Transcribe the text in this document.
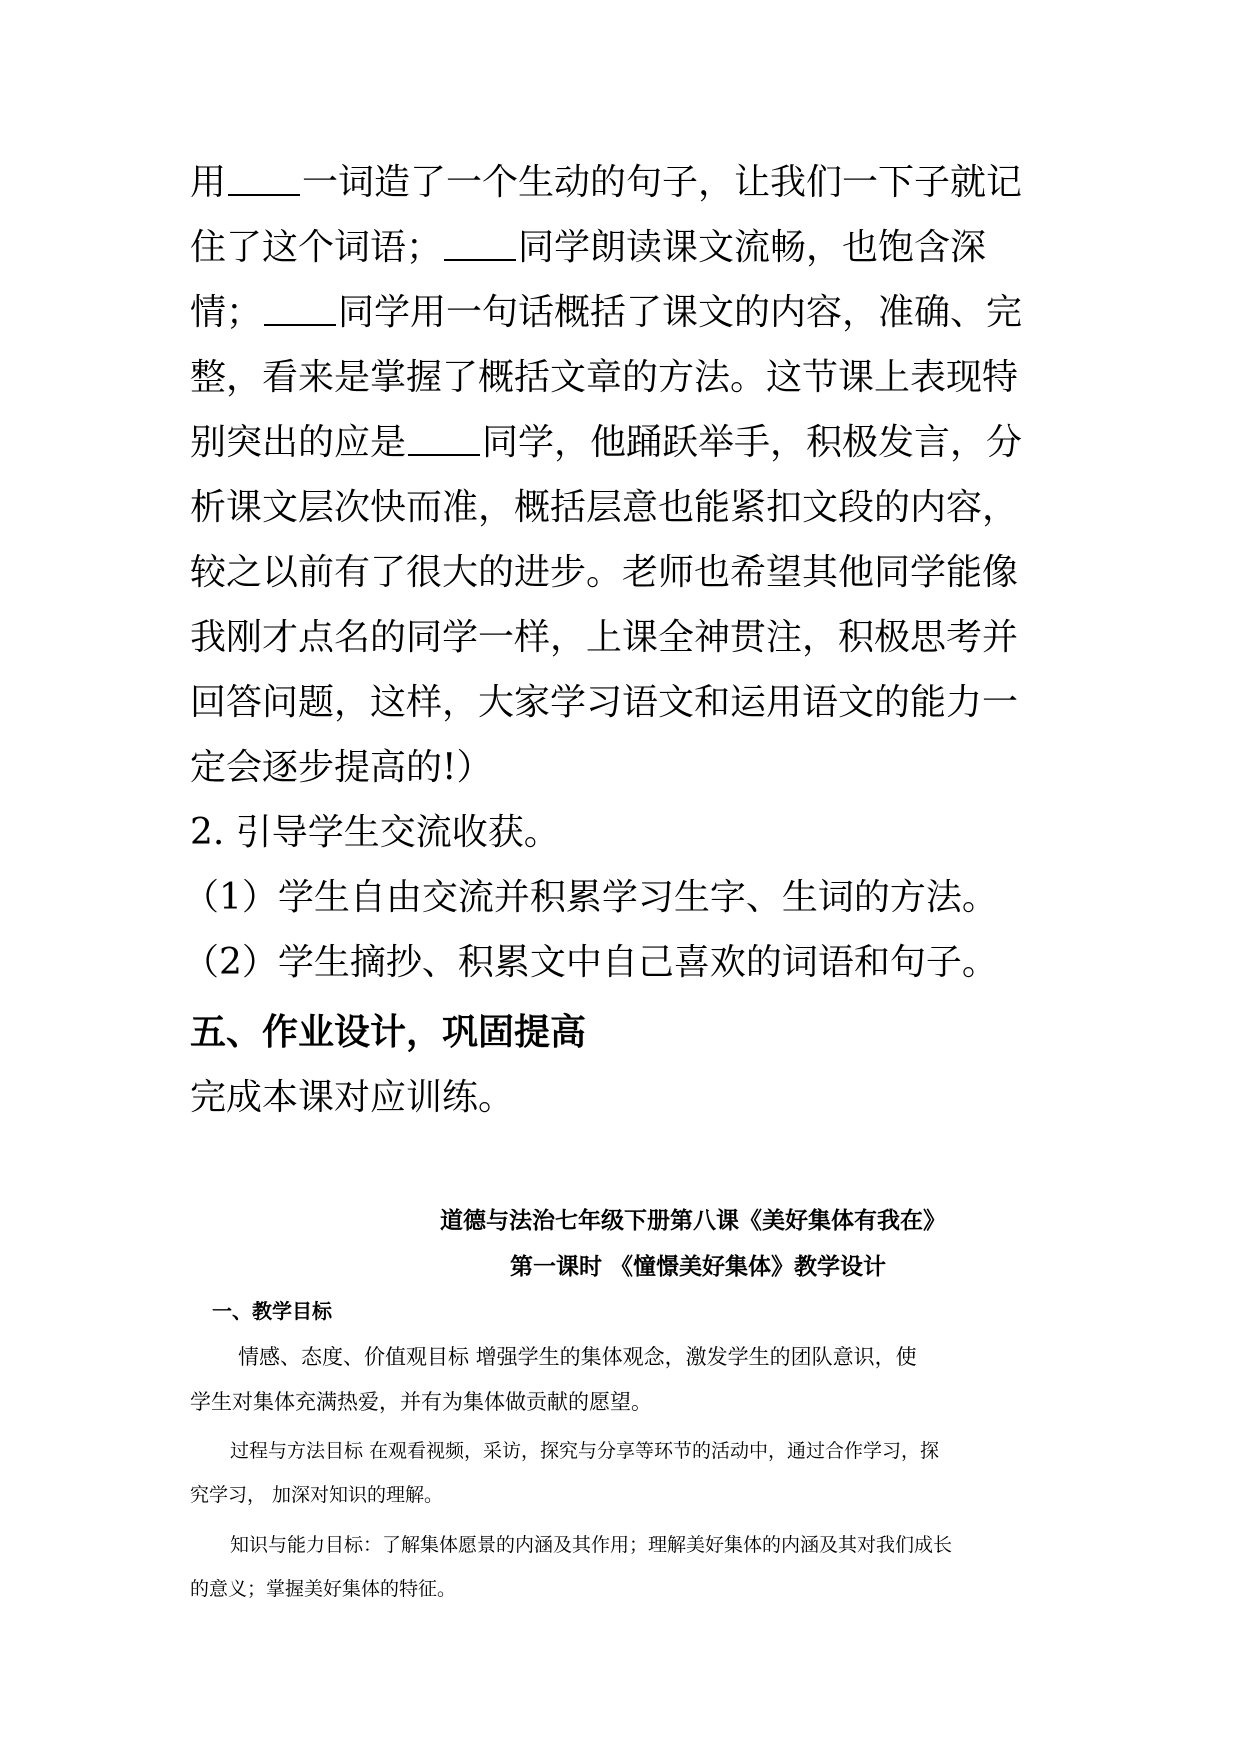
用 一词造了一个生动的句子，让我们一下子就记
住了这个词语； 同学朗读课文流畅，也饱含深
情； 同学用一句话概括了课文的内容，准确、完
整，看来是掌握了概括文章的方法。这节课上表现特
别突出的应是 同学，他踊跃举手，积极发言，分
析课文层次快而准，概括层意也能紧扣文段的内容，
较之以前有了很大的进步。老师也希望其他同学能像
我刚才点名的同学一样，上课全神贯注，积极思考并
回答问题，这样，大家学习语文和运用语文的能力一
定会逐步提高的!）
2. 引导学生交流收获。
（1）学生自由交流并积累学习生字、生词的方法。
（2）学生摘抄、积累文中自己喜欢的词语和句子。
五、作业设计，巩固提高
完成本课对应训练。
道德与法治七年级下册第八课《美好集体有我在》
第一课时 《憧憬美好集体》教学设计
一、教学目标
情感、态度、价值观目标 增强学生的集体观念，激发学生的团队意识，使
学生对集体充满热爱，并有为集体做贡献的愿望。
过程与方法目标 在观看视频，采访，探究与分享等环节的活动中，通过合作学习，探
究学习， 加深对知识的理解。
知识与能力目标：了解集体愿景的内涵及其作用；理解美好集体的内涵及其对我们成长
的意义；掌握美好集体的特征。
